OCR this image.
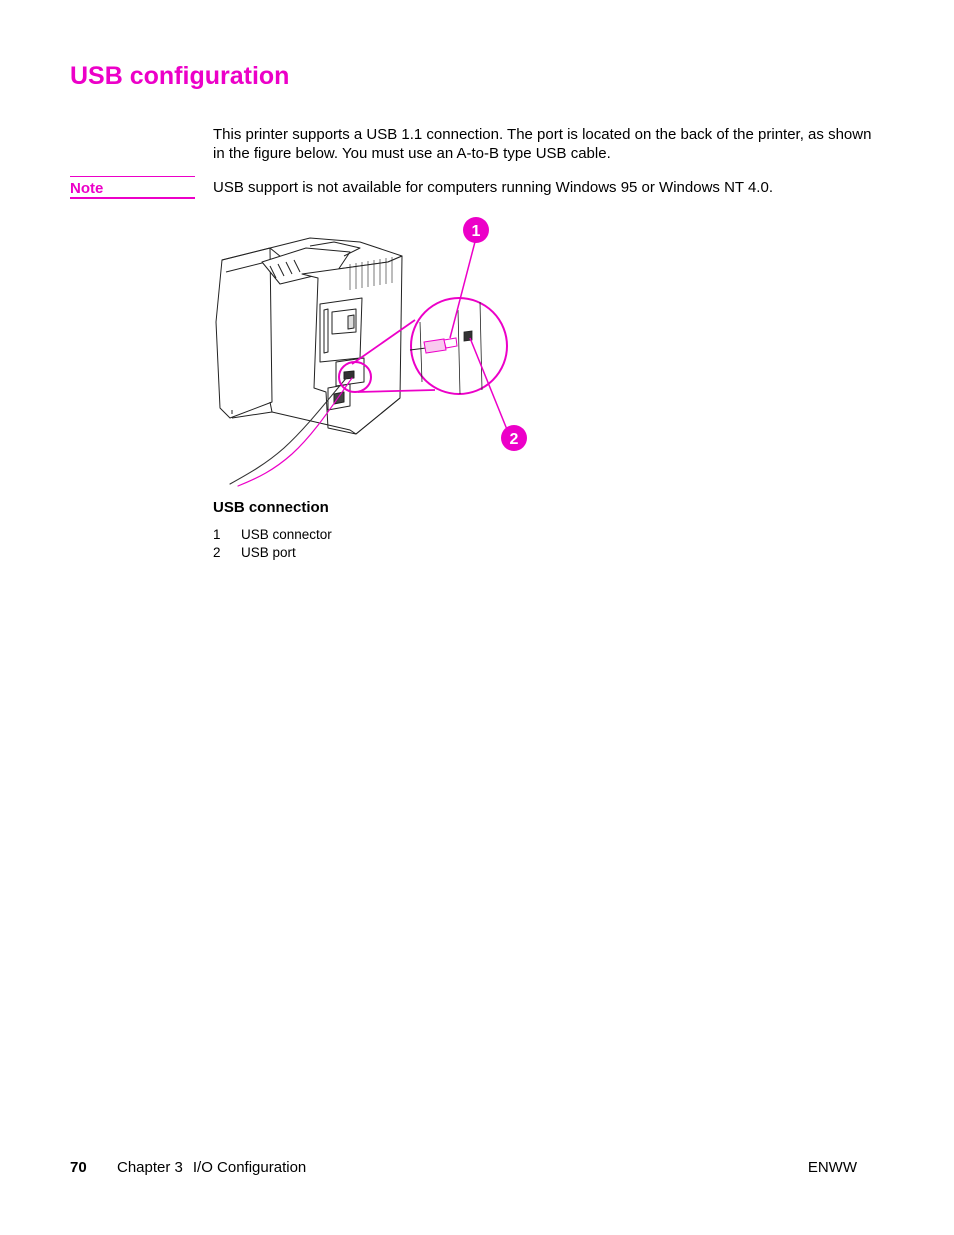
USB configuration

This printer supports a USB 1.1 connection. The port is located on the back of the printer, as shown in the figure below. You must use an A-to-B type USB cable.

Note	USB support is not available for computers running Windows 95 or Windows NT 4.0.

1
2

USB connection

1 USB connector
2 USB port
70 Chapter 3 I/O Configuration	ENWW
